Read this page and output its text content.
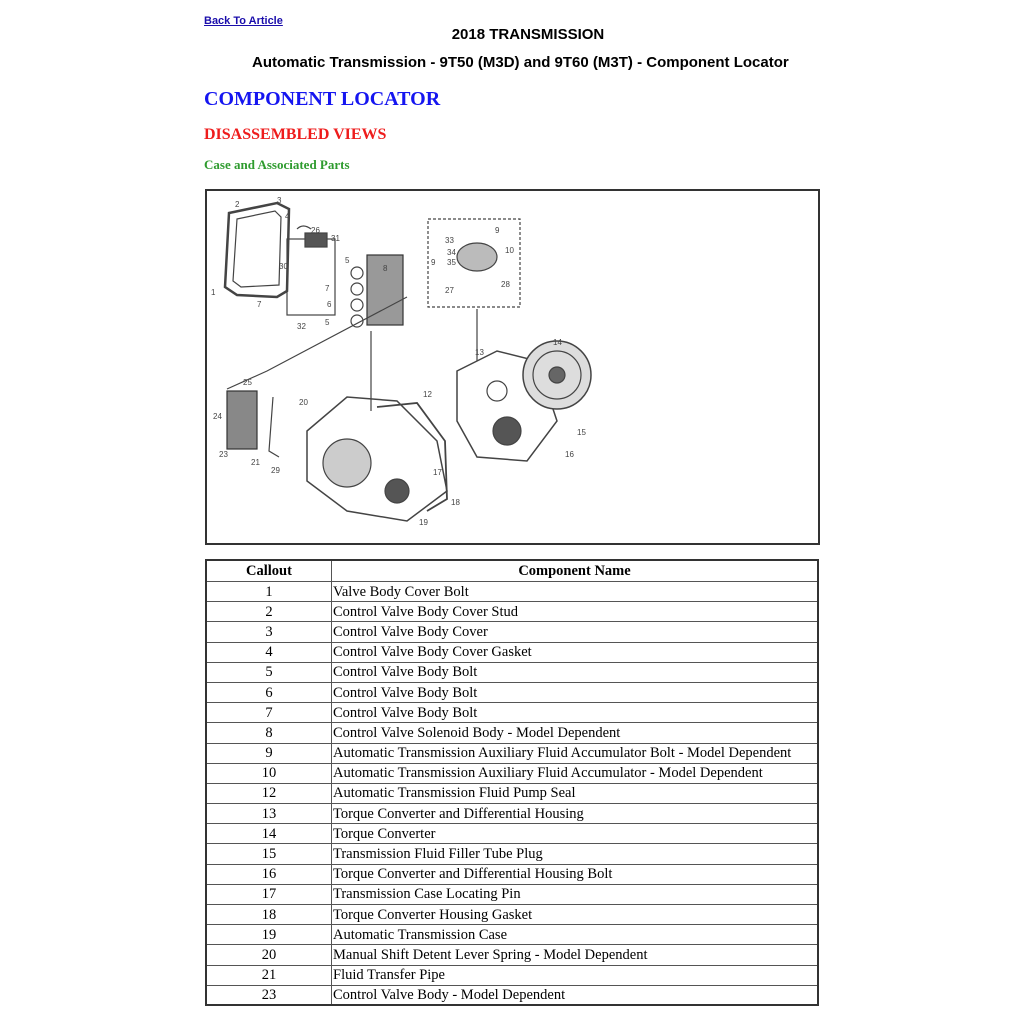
Back To Article
2018 TRANSMISSION
Automatic Transmission - 9T50 (M3D) and 9T60 (M3T) - Component Locator
COMPONENT LOCATOR
DISASSEMBLED VIEWS
Case and Associated Parts
2	3
4
1
26
31
5
8
7
6
5
7
30
32
33
34
35
9
9
10
28
27
25
24
23
21
29
20
12
13
14
15
16
17
18
19
Callout	Component Name
1	Valve Body Cover Bolt
2	Control Valve Body Cover Stud
3	Control Valve Body Cover
4	Control Valve Body Cover Gasket
5	Control Valve Body Bolt
6	Control Valve Body Bolt
7	Control Valve Body Bolt
8	Control Valve Solenoid Body - Model Dependent
9	Automatic Transmission Auxiliary Fluid Accumulator Bolt - Model Dependent
10	Automatic Transmission Auxiliary Fluid Accumulator - Model Dependent
12	Automatic Transmission Fluid Pump Seal
13	Torque Converter and Differential Housing
14	Torque Converter
15	Transmission Fluid Filler Tube Plug
16	Torque Converter and Differential Housing Bolt
17	Transmission Case Locating Pin
18	Torque Converter Housing Gasket
19	Automatic Transmission Case
20	Manual Shift Detent Lever Spring - Model Dependent
21	Fluid Transfer Pipe
23	Control Valve Body - Model Dependent
